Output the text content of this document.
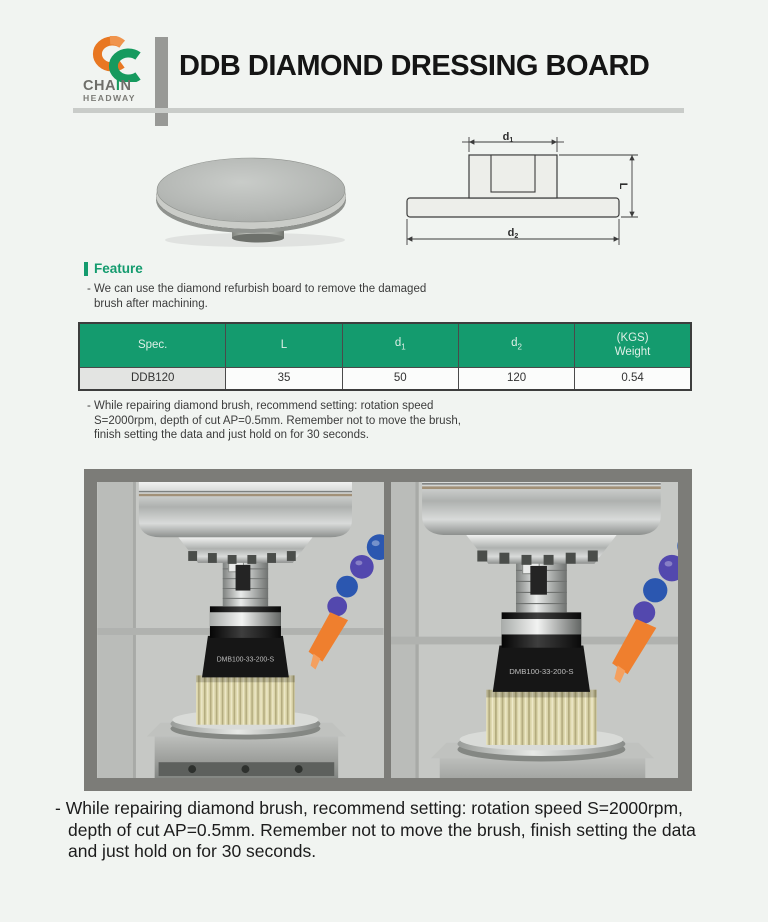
CHAIN
HEADWAY
DDB DIAMOND DRESSING BOARD
d1
L
d2
Feature
- We can use the diamond refurbish board to remove the damaged
brush after machining.
Spec.	L	$d_1$	$d_2$	(KGS)
Weight

DDB120	35	50	120	0.54
- While repairing diamond brush, recommend setting: rotation speed
S=2000rpm, depth of cut AP=0.5mm. Remember not to move the brush,
finish setting the data and just hold on for 30 seconds.
- While repairing diamond brush, recommend setting: rotation speed S=2000rpm,
depth of cut AP=0.5mm. Remember not to move the brush, finish setting the data
and just hold on for 30 seconds.
